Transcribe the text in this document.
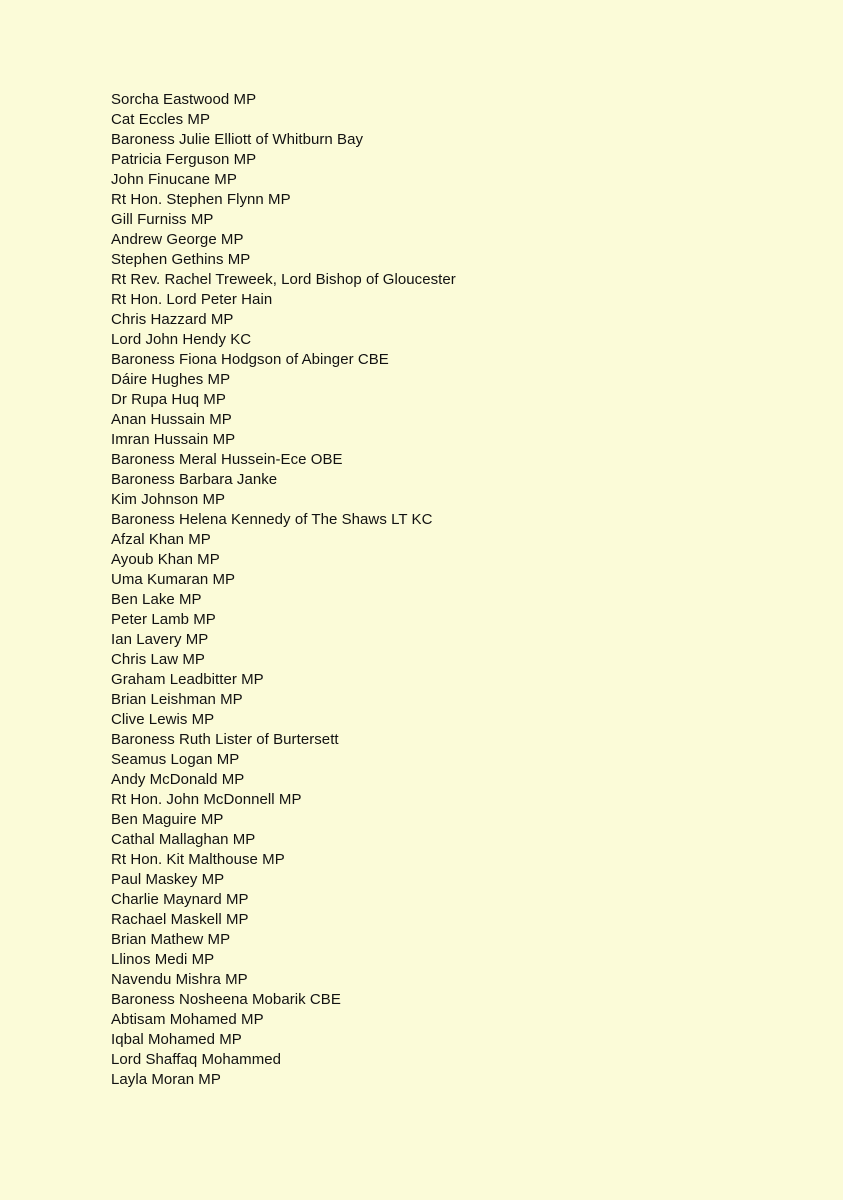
Sorcha Eastwood MP
Cat Eccles MP
Baroness Julie Elliott of Whitburn Bay
Patricia Ferguson MP
John Finucane MP
Rt Hon. Stephen Flynn MP
Gill Furniss MP
Andrew George MP
Stephen Gethins MP
Rt Rev. Rachel Treweek, Lord Bishop of Gloucester
Rt Hon. Lord Peter Hain
Chris Hazzard MP
Lord John Hendy KC
Baroness Fiona Hodgson of Abinger CBE
Dáire Hughes MP
Dr Rupa Huq MP
Anan Hussain MP
Imran Hussain MP
Baroness Meral Hussein-Ece OBE
Baroness Barbara Janke
Kim Johnson MP
Baroness Helena Kennedy of The Shaws LT KC
Afzal Khan MP
Ayoub Khan MP
Uma Kumaran MP
Ben Lake MP
Peter Lamb MP
Ian Lavery MP
Chris Law MP
Graham Leadbitter MP
Brian Leishman MP
Clive Lewis MP
Baroness Ruth Lister of Burtersett
Seamus Logan MP
Andy McDonald MP
Rt Hon. John McDonnell MP
Ben Maguire MP
Cathal Mallaghan MP
Rt Hon. Kit Malthouse MP
Paul Maskey MP
Charlie Maynard MP
Rachael Maskell MP
Brian Mathew MP
Llinos Medi MP
Navendu Mishra MP
Baroness Nosheena Mobarik CBE
Abtisam Mohamed MP
Iqbal Mohamed MP
Lord Shaffaq Mohammed
Layla Moran MP
